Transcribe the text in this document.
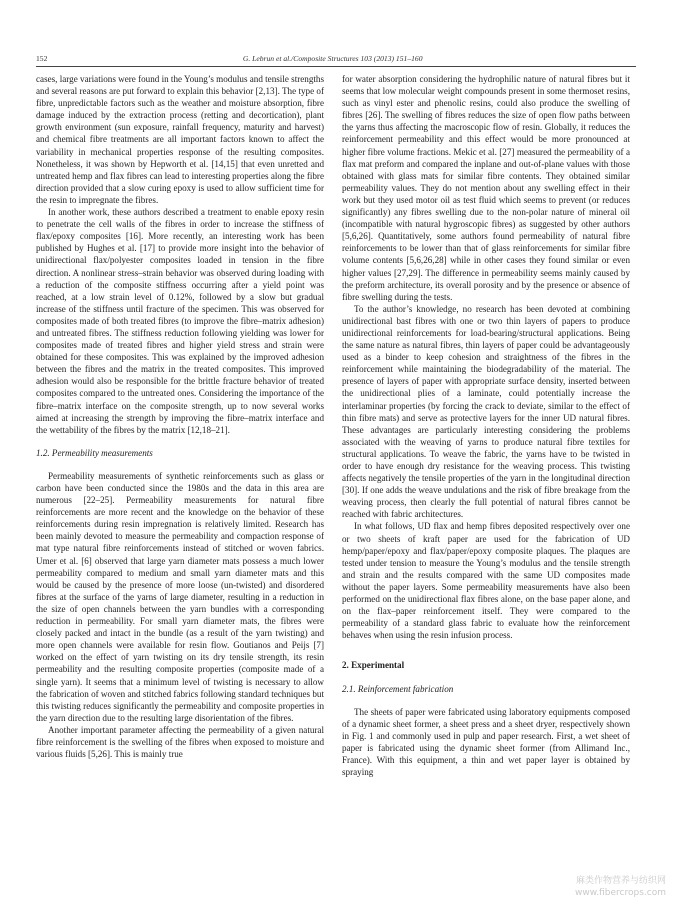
152	G. Lebrun et al./Composite Structures 103 (2013) 151–160

cases, large variations were found in the Young’s modulus and tensile strengths and several reasons are put forward to explain this behavior [2,13]. The type of fibre, unpredictable factors such as the weather and moisture absorption, fibre damage induced by the extraction process (retting and decortication), plant growth environment (sun exposure, rainfall frequency, maturity and harvest) and chemical fibre treatments are all important factors known to affect the variability in mechanical properties response of the resulting composites. Nonetheless, it was shown by Hepworth et al. [14,15] that even unretted and untreated hemp and flax fibres can lead to interesting properties along the fibre direction provided that a slow curing epoxy is used to allow sufficient time for the resin to impregnate the fibres.

In another work, these authors described a treatment to enable epoxy resin to penetrate the cell walls of the fibres in order to increase the stiffness of flax/epoxy composites [16]. More recently, an interesting work has been published by Hughes et al. [17] to provide more insight into the behavior of unidirectional flax/polyester composites loaded in tension in the fibre direction. A nonlinear stress–strain behavior was observed during loading with a reduction of the composite stiffness occurring after a yield point was reached, at a low strain level of 0.12%, followed by a slow but gradual increase of the stiffness until fracture of the specimen. This was observed for composites made of both treated fibres (to improve the fibre–matrix adhesion) and untreated fibres. The stiffness reduction following yielding was lower for composites made of treated fibres and higher yield stress and strain were obtained for these composites. This was explained by the improved adhesion between the fibres and the matrix in the treated composites. This improved adhesion would also be responsible for the brittle fracture behavior of treated composites compared to the untreated ones. Considering the importance of the fibre–matrix interface on the composite strength, up to now several works aimed at increasing the strength by improving the fibre–matrix interface and the wettability of the fibres by the matrix [12,18–21].

1.2. Permeability measurements

Permeability measurements of synthetic reinforcements such as glass or carbon have been conducted since the 1980s and the data in this area are numerous [22–25]. Permeability measurements for natural fibre reinforcements are more recent and the knowledge on the behavior of these reinforcements during resin impregnation is relatively limited. Research has been mainly devoted to measure the permeability and compaction response of mat type natural fibre reinforcements instead of stitched or woven fabrics. Umer et al. [6] observed that large yarn diameter mats possess a much lower permeability compared to medium and small yarn diameter mats and this would be caused by the presence of more loose (un-twisted) and disordered fibres at the surface of the yarns of large diameter, resulting in a reduction in the size of open channels between the yarn bundles with a corresponding reduction in permeability. For small yarn diameter mats, the fibres were closely packed and intact in the bundle (as a result of the yarn twisting) and more open channels were available for resin flow. Goutianos and Peijs [7] worked on the effect of yarn twisting on its dry tensile strength, its resin permeability and the resulting composite properties (composite made of a single yarn). It seems that a minimum level of twisting is necessary to allow the fabrication of woven and stitched fabrics following standard techniques but this twisting reduces significantly the permeability and composite properties in the yarn direction due to the resulting large disorientation of the fibres.

Another important parameter affecting the permeability of a given natural fibre reinforcement is the swelling of the fibres when exposed to moisture and various fluids [5,26]. This is mainly true

for water absorption considering the hydrophilic nature of natural fibres but it seems that low molecular weight compounds present in some thermoset resins, such as vinyl ester and phenolic resins, could also produce the swelling of fibres [26]. The swelling of fibres reduces the size of open flow paths between the yarns thus affecting the macroscopic flow of resin. Globally, it reduces the reinforcement permeability and this effect would be more pronounced at higher fibre volume fractions. Mekic et al. [27] measured the permeability of a flax mat preform and compared the inplane and out-of-plane values with those obtained with glass mats for similar fibre contents. They obtained similar permeability values. They do not mention about any swelling effect in their work but they used motor oil as test fluid which seems to prevent (or reduces significantly) any fibres swelling due to the non-polar nature of mineral oil (incompatible with natural hygroscopic fibres) as suggested by other authors [5,6,26]. Quantitatively, some authors found permeability of natural fibre reinforcements to be lower than that of glass reinforcements for similar fibre volume contents [5,6,26,28] while in other cases they found similar or even higher values [27,29]. The difference in permeability seems mainly caused by the preform architecture, its overall porosity and by the presence or absence of fibre swelling during the tests.

To the author’s knowledge, no research has been devoted at combining unidirectional bast fibres with one or two thin layers of papers to produce unidirectional reinforcements for load-bearing/structural applications. Being the same nature as natural fibres, thin layers of paper could be advantageously used as a binder to keep cohesion and straightness of the fibres in the reinforcement while maintaining the biodegradability of the material. The presence of layers of paper with appropriate surface density, inserted between the unidirectional plies of a laminate, could potentially increase the interlaminar properties (by forcing the crack to deviate, similar to the effect of thin fibre mats) and serve as protective layers for the inner UD natural fibres. These advantages are particularly interesting considering the problems associated with the weaving of yarns to produce natural fibre textiles for structural applications. To weave the fabric, the yarns have to be twisted in order to have enough dry resistance for the weaving process. This twisting affects negatively the tensile properties of the yarn in the longitudinal direction [30]. If one adds the weave undulations and the risk of fibre breakage from the weaving process, then clearly the full potential of natural fibres cannot be reached with fabric architectures.

In what follows, UD flax and hemp fibres deposited respectively over one or two sheets of kraft paper are used for the fabrication of UD hemp/paper/epoxy and flax/paper/epoxy composite plaques. The plaques are tested under tension to measure the Young’s modulus and the tensile strength and strain and the results compared with the same UD composites made without the paper layers. Some permeability measurements have also been performed on the unidirectional flax fibres alone, on the base paper alone, and on the flax–paper reinforcement itself. They were compared to the permeability of a standard glass fabric to evaluate how the reinforcement behaves when using the resin infusion process.

2. Experimental
2.1. Reinforcement fabrication

The sheets of paper were fabricated using laboratory equipments composed of a dynamic sheet former, a sheet press and a sheet dryer, respectively shown in Fig. 1 and commonly used in pulp and paper research. First, a wet sheet of paper is fabricated using the dynamic sheet former (from Allimand Inc., France). With this equipment, a thin and wet paper layer is obtained by spraying

麻类作物营养与纺织网
www.fibercrops.com
